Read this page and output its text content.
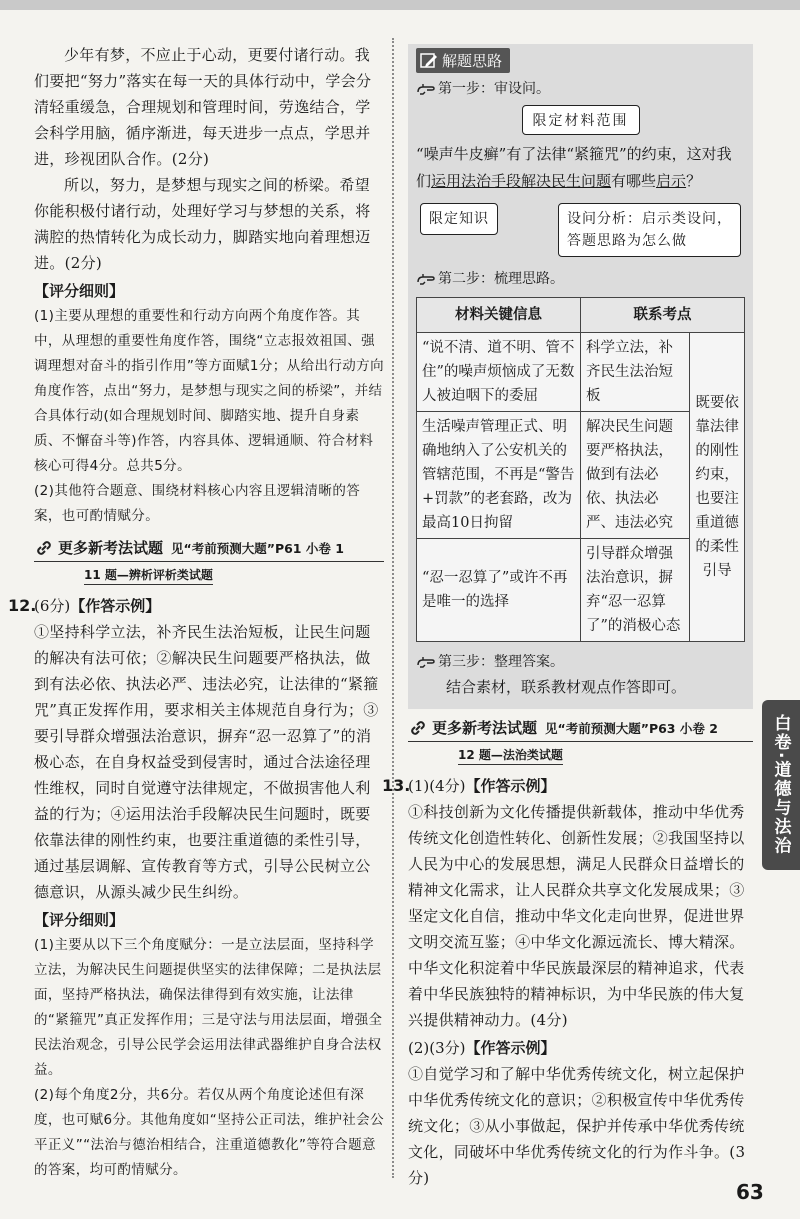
少年有梦，不应止于心动，更要付诸行动。我们要把“努力”落实在每一天的具体行动中，学会分清轻重缓急，合理规划和管理时间，劳逸结合，学会科学用脑，循序渐进，每天进步一点点，学思并进，珍视团队合作。(2分)

所以，努力，是梦想与现实之间的桥梁。希望你能积极付诸行动，处理好学习与梦想的关系，将满腔的热情转化为成长动力，脚踏实地向着理想迈进。(2分)

【评分细则】

(1)主要从理想的重要性和行动方向两个角度作答。其中，从理想的重要性角度作答，围绕“立志报效祖国、强调理想对奋斗的指引作用”等方面赋1分；从给出行动方向角度作答，点出“努力，是梦想与现实之间的桥梁”，并结合具体行动(如合理规划时间、脚踏实地、提升自身素质、不懈奋斗等)作答，内容具体、逻辑通顺、符合材料核心可得4分。总共5分。

(2)其他符合题意、围绕材料核心内容且逻辑清晰的答案，也可酌情赋分。

更多新考法试题 见“考前预测大题”P61 小卷 1
11 题—辨析评析类试题
12.
(6分)【作答示例】

①坚持科学立法，补齐民生法治短板，让民生问题的解决有法可依；②解决民生问题要严格执法，做到有法必依、执法必严、违法必究，让法律的“紧箍咒”真正发挥作用，要求相关主体规范自身行为；③要引导群众增强法治意识，摒弃“忍一忍算了”的消极心态，在自身权益受到侵害时，通过合法途径理性维权，同时自觉遵守法律规定，不做损害他人利益的行为；④运用法治手段解决民生问题时，既要依靠法律的刚性约束，也要注重道德的柔性引导，通过基层调解、宣传教育等方式，引导公民树立公德意识，从源头减少民生纠纷。

【评分细则】

(1)主要从以下三个角度赋分：一是立法层面，坚持科学立法，为解决民生问题提供坚实的法律保障；二是执法层面，坚持严格执法，确保法律得到有效实施，让法律的“紧箍咒”真正发挥作用；三是守法与用法层面，增强全民法治观念，引导公民学会运用法律武器维护自身合法权益。

(2)每个角度2分，共6分。若仅从两个角度论述但有深度，也可赋6分。其他角度如“坚持公正司法，维护社会公平正义”“法治与德治相结合，注重道德教化”等符合题意的答案，均可酌情赋分。

解题思路
第一步：审设问。
限定材料范围

“噪声牛皮癣”有了法律“紧箍咒”的约束，这对我们运用法治手段解决民生问题有哪些启示？

限定知识	设问分析：启示类设问，
答题思路为怎么做
第二步：梳理思路。
材料关键信息	联系考点	
“说不清、道不明、管不住”的噪声烦恼成了无数人被迫咽下的委屈	科学立法，补齐民生法治短板	既要依靠法律的刚性约束，也要注重道德的柔性引导
生活噪声管理正式、明确地纳入了公安机关的管辖范围，不再是“警告+罚款”的老套路，改为最高10日拘留	解决民生问题要严格执法，做到有法必依、执法必严、违法必究	
“忍一忍算了”或许不再是唯一的选择	引导群众增强法治意识，摒弃“忍一忍算了”的消极心态	
第三步：整理答案。

结合素材，联系教材观点作答即可。

更多新考法试题 见“考前预测大题”P63 小卷 2
12 题—法治类试题
13.
(1)(4分)【作答示例】

①科技创新为文化传播提供新载体，推动中华优秀传统文化创造性转化、创新性发展；②我国坚持以人民为中心的发展思想，满足人民群众日益增长的精神文化需求，让人民群众共享文化发展成果；③坚定文化自信，推动中华文化走向世界，促进世界文明交流互鉴；④中华文化源远流长、博大精深。中华文化积淀着中华民族最深层的精神追求，代表着中华民族独特的精神标识，为中华民族的伟大复兴提供精神动力。(4分)

(2)(3分)【作答示例】

①自觉学习和了解中华优秀传统文化，树立起保护中华优秀传统文化的意识；②积极宣传中华优秀传统文化；③从小事做起，保护并传承中华优秀传统文化，同破坏中华优秀传统文化的行为作斗争。(3分)

白卷·道德与法治
63
